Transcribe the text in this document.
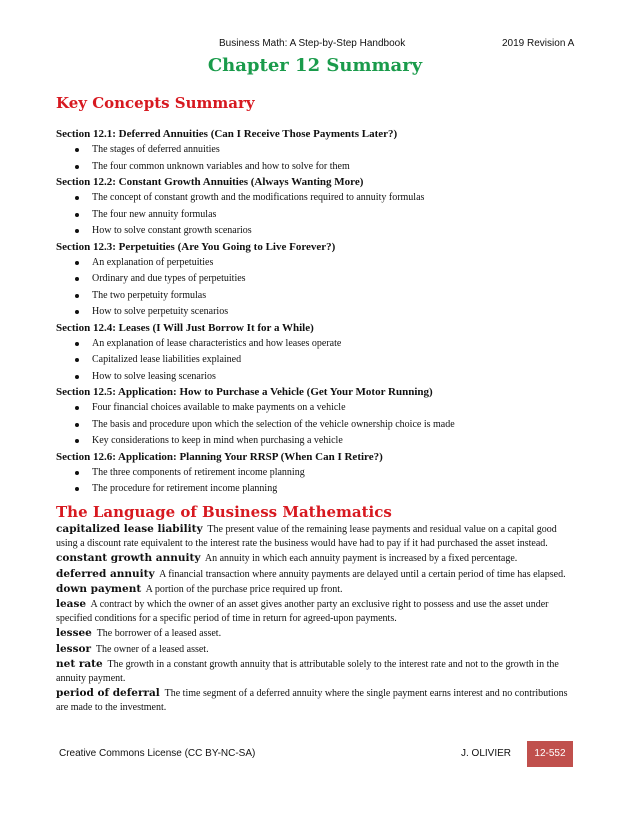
Business Math: A Step-by-Step Handbook	2019 Revision A
Chapter 12 Summary
Key Concepts Summary
Section 12.1: Deferred Annuities (Can I Receive Those Payments Later?)
The stages of deferred annuities
The four common unknown variables and how to solve for them
Section 12.2: Constant Growth Annuities (Always Wanting More)
The concept of constant growth and the modifications required to annuity formulas
The four new annuity formulas
How to solve constant growth scenarios
Section 12.3: Perpetuities (Are You Going to Live Forever?)
An explanation of perpetuities
Ordinary and due types of perpetuities
The two perpetuity formulas
How to solve perpetuity scenarios
Section 12.4: Leases (I Will Just Borrow It for a While)
An explanation of lease characteristics and how leases operate
Capitalized lease liabilities explained
How to solve leasing scenarios
Section 12.5: Application: How to Purchase a Vehicle (Get Your Motor Running)
Four financial choices available to make payments on a vehicle
The basis and procedure upon which the selection of the vehicle ownership choice is made
Key considerations to keep in mind when purchasing a vehicle
Section 12.6: Application: Planning Your RRSP (When Can I Retire?)
The three components of retirement income planning
The procedure for retirement income planning
The Language of Business Mathematics

capitalized lease liability The present value of the remaining lease payments and residual value on a capital good using a discount rate equivalent to the interest rate the business would have had to pay if it had purchased the asset instead.

constant growth annuity An annuity in which each annuity payment is increased by a fixed percentage.

deferred annuity A financial transaction where annuity payments are delayed until a certain period of time has elapsed.

down payment A portion of the purchase price required up front.

lease A contract by which the owner of an asset gives another party an exclusive right to possess and use the asset under specified conditions for a specific period of time in return for agreed-upon payments.

lessee The borrower of a leased asset.

lessor The owner of a leased asset.

net rate The growth in a constant growth annuity that is attributable solely to the interest rate and not to the growth in the annuity payment.

period of deferral The time segment of a deferred annuity where the single payment earns interest and no contributions are made to the investment.

Creative Commons License (CC BY-NC-SA)	J. OLIVIER	12-552
